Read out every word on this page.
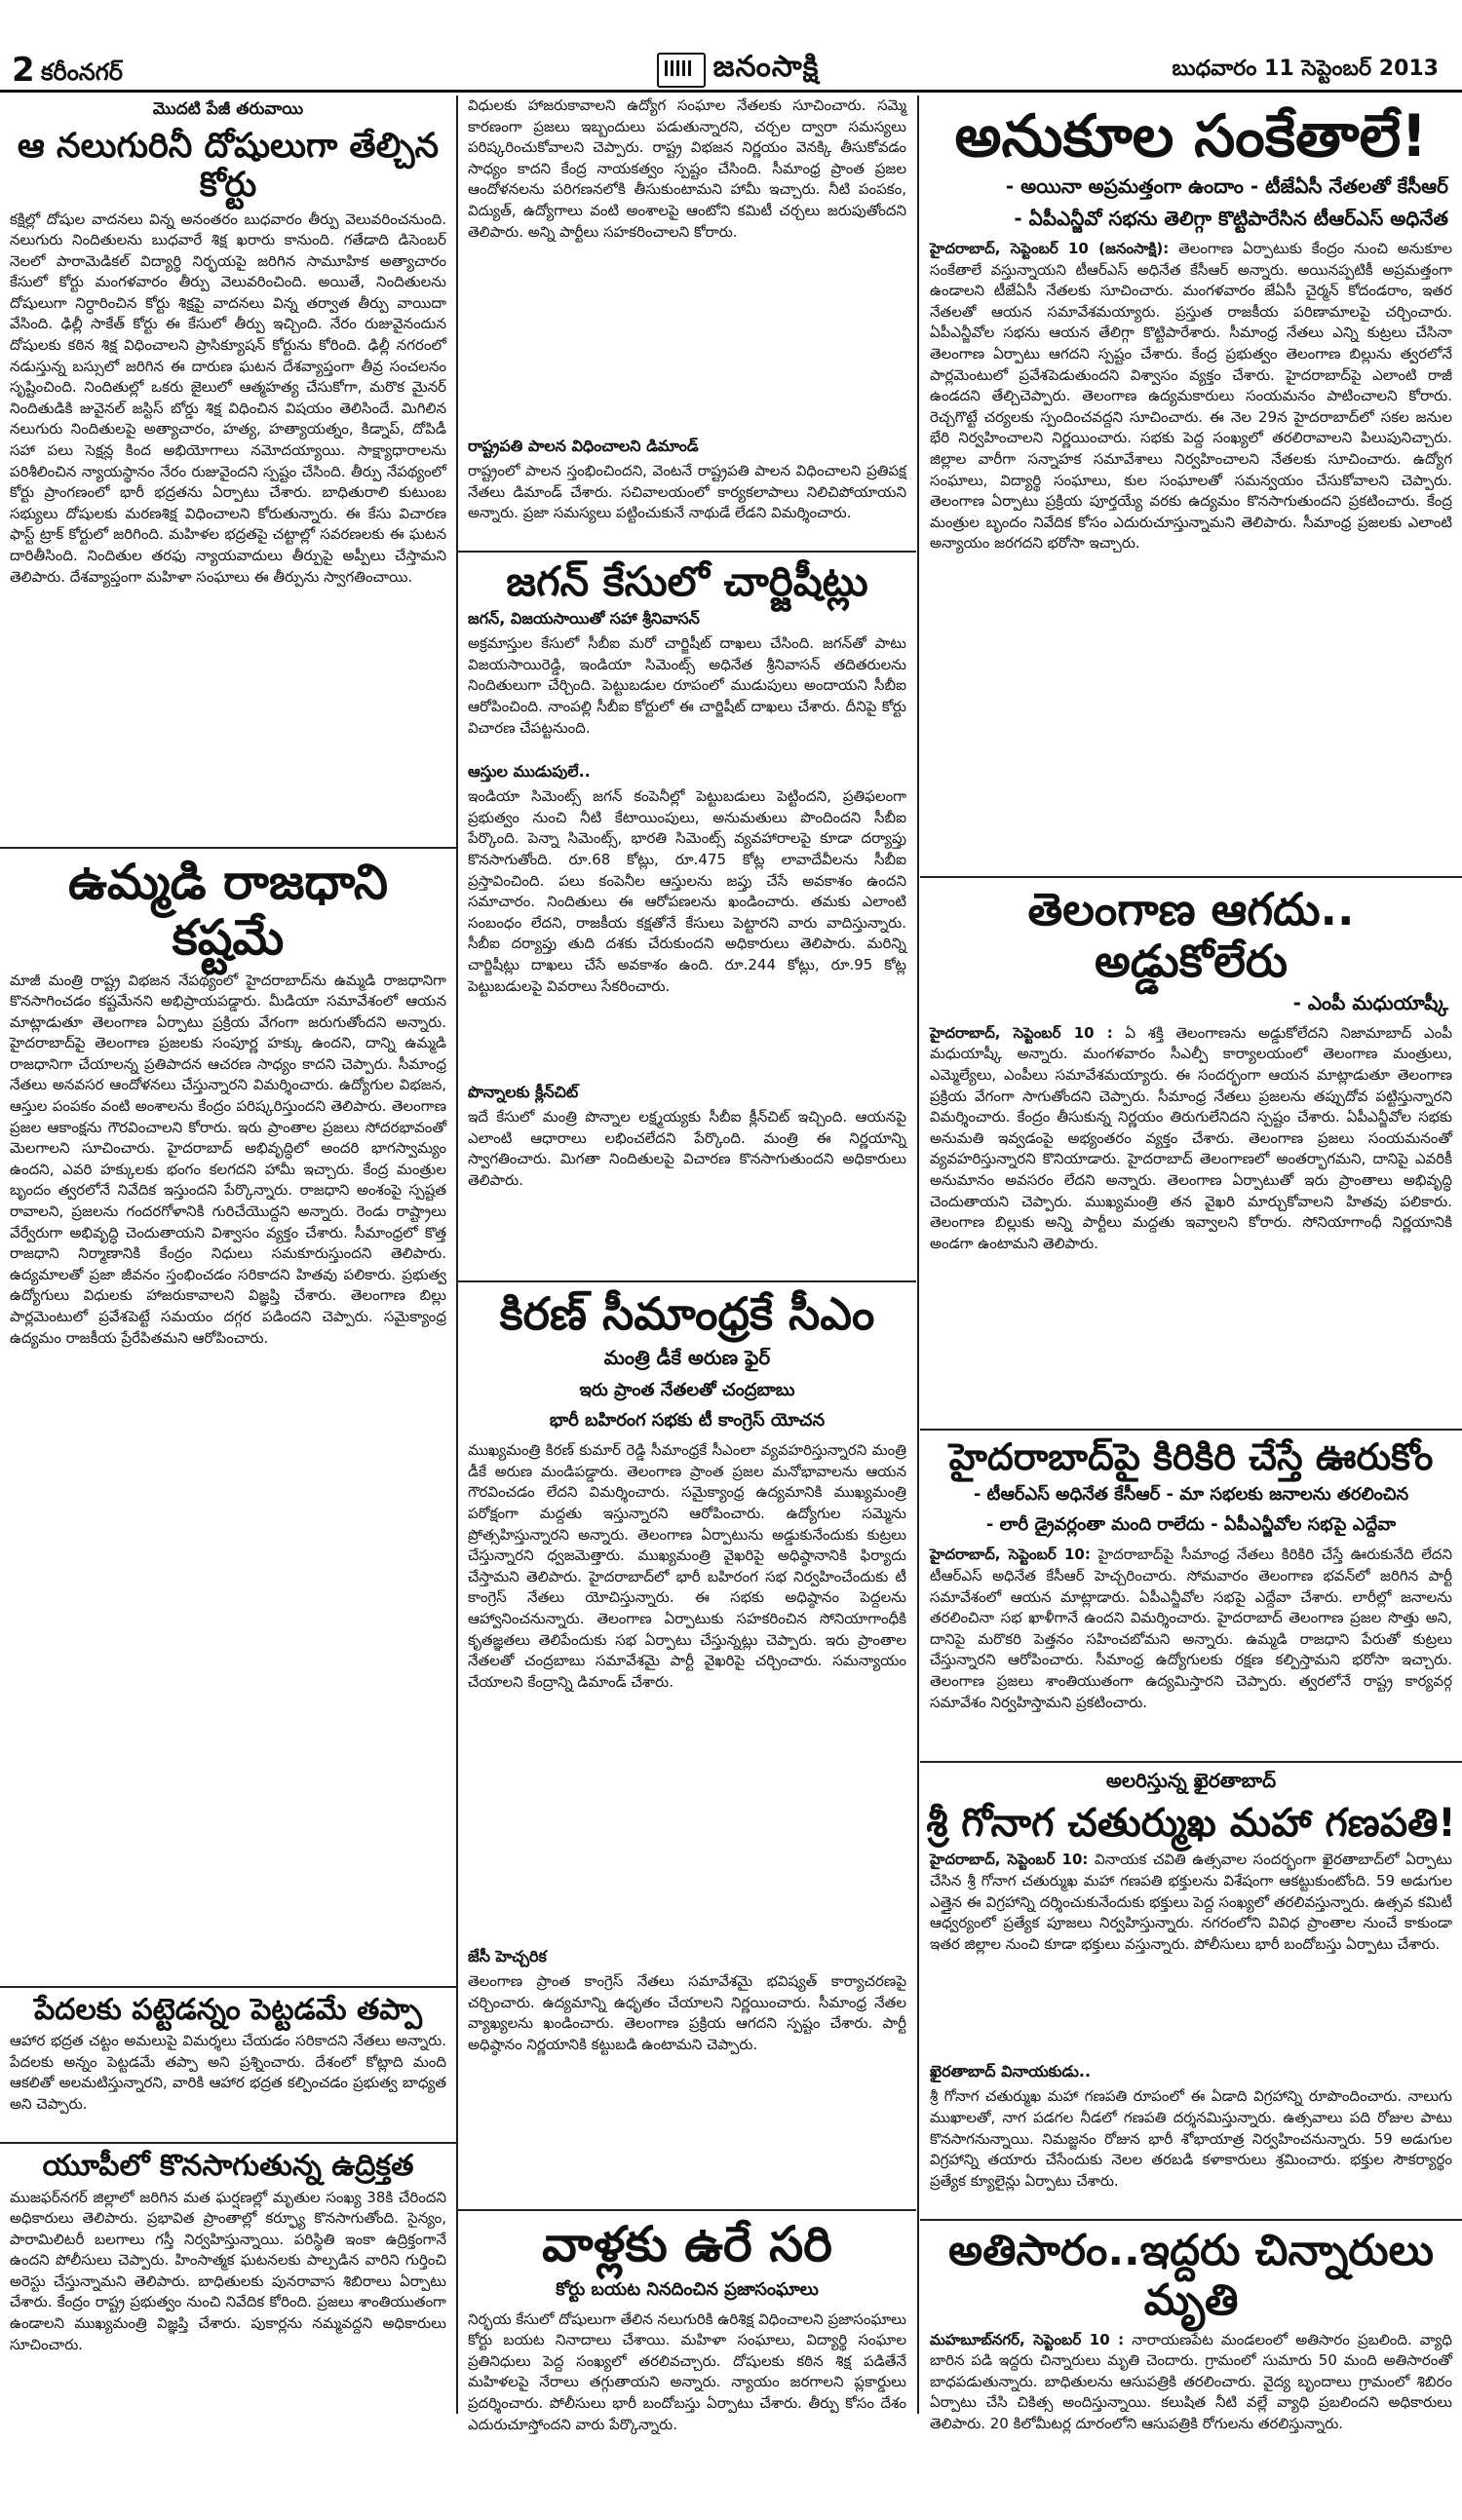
2 కరీంనగర్	జనంసాక్షి	బుధవారం 11 సెప్టెంబర్ 2013
మొదటి పేజీ తరువాయి
ఆ నలుగురినీ దోషులుగా తేల్చిన కోర్టు
కక్షిల్లో దోషుల వాదనలు విన్న అనంతరం బుధవారం తీర్పు వెలువరించనుంది. నలుగురు నిందితులను బుధవారే శిక్ష ఖరారు కానుంది. గతేడాది డిసెంబర్ నెలలో పారామెడికల్ విద్యార్థి నిర్భయపై జరిగిన సామూహిక అత్యాచారం కేసులో కోర్టు మంగళవారం తీర్పు వెలువరించింది. అయితే, నిందితులను దోషులుగా నిర్ధారించిన కోర్టు శిక్షపై వాదనలు విన్న తర్వాత తీర్పు వాయిదా వేసింది. ఢిల్లీ సాకేత్ కోర్టు ఈ కేసులో తీర్పు ఇచ్చింది. నేరం రుజువైనందున దోషులకు కఠిన శిక్ష విధించాలని ప్రాసిక్యూషన్ కోర్టును కోరింది. ఢిల్లీ నగరంలో నడుస్తున్న బస్సులో జరిగిన ఈ దారుణ ఘటన దేశవ్యాప్తంగా తీవ్ర సంచలనం సృష్టించింది. నిందితుల్లో ఒకరు జైలులో ఆత్మహత్య చేసుకోగా, మరొక మైనర్ నిందితుడికి జువైనల్ జస్టిస్ బోర్డు శిక్ష విధించిన విషయం తెలిసిందే. మిగిలిన నలుగురు నిందితులపై అత్యాచారం, హత్య, హత్యాయత్నం, కిడ్నాప్, దోపిడీ సహా పలు సెక్షన్ల కింద అభియోగాలు నమోదయ్యాయి. సాక్ష్యాధారాలను పరిశీలించిన న్యాయస్థానం నేరం రుజువైందని స్పష్టం చేసింది. తీర్పు నేపథ్యంలో కోర్టు ప్రాంగణంలో భారీ భద్రతను ఏర్పాటు చేశారు. బాధితురాలి కుటుంబ సభ్యులు దోషులకు మరణశిక్ష విధించాలని కోరుతున్నారు. ఈ కేసు విచారణ ఫాస్ట్ ట్రాక్ కోర్టులో జరిగింది. మహిళల భద్రతపై చట్టాల్లో సవరణలకు ఈ ఘటన దారితీసింది. నిందితుల తరఫు న్యాయవాదులు తీర్పుపై అప్పీలు చేస్తామని తెలిపారు. దేశవ్యాప్తంగా మహిళా సంఘాలు ఈ తీర్పును స్వాగతించాయి.
ఉమ్మడి రాజధాని కష్టమే
మాజీ మంత్రి రాష్ట్ర విభజన నేపథ్యంలో హైదరాబాద్‌ను ఉమ్మడి రాజధానిగా కొనసాగించడం కష్టమేనని అభిప్రాయపడ్డారు. మీడియా సమావేశంలో ఆయన మాట్లాడుతూ తెలంగాణ ఏర్పాటు ప్రక్రియ వేగంగా జరుగుతోందని అన్నారు. హైదరాబాద్‌పై తెలంగాణ ప్రజలకు సంపూర్ణ హక్కు ఉందని, దాన్ని ఉమ్మడి రాజధానిగా చేయాలన్న ప్రతిపాదన ఆచరణ సాధ్యం కాదని చెప్పారు. సీమాంధ్ర నేతలు అనవసర ఆందోళనలు చేస్తున్నారని విమర్శించారు. ఉద్యోగుల విభజన, ఆస్తుల పంపకం వంటి అంశాలను కేంద్రం పరిష్కరిస్తుందని తెలిపారు. తెలంగాణ ప్రజల ఆకాంక్షను గౌరవించాలని కోరారు. ఇరు ప్రాంతాల ప్రజలు సోదరభావంతో మెలగాలని సూచించారు. హైదరాబాద్ అభివృద్ధిలో అందరి భాగస్వామ్యం ఉందని, ఎవరి హక్కులకు భంగం కలగదని హామీ ఇచ్చారు. కేంద్ర మంత్రుల బృందం త్వరలోనే నివేదిక ఇస్తుందని పేర్కొన్నారు. రాజధాని అంశంపై స్పష్టత రావాలని, ప్రజలను గందరగోళానికి గురిచేయొద్దని అన్నారు. రెండు రాష్ట్రాలు వేర్వేరుగా అభివృద్ధి చెందుతాయని విశ్వాసం వ్యక్తం చేశారు. సీమాంధ్రలో కొత్త రాజధాని నిర్మాణానికి కేంద్రం నిధులు సమకూరుస్తుందని తెలిపారు. ఉద్యమాలతో ప్రజా జీవనం స్తంభించడం సరికాదని హితవు పలికారు. ప్రభుత్వ ఉద్యోగులు విధులకు హాజరుకావాలని విజ్ఞప్తి చేశారు. తెలంగాణ బిల్లు పార్లమెంటులో ప్రవేశపెట్టే సమయం దగ్గర పడిందని చెప్పారు. సమైక్యాంధ్ర ఉద్యమం రాజకీయ ప్రేరేపితమని ఆరోపించారు.
పేదలకు పట్టెడన్నం పెట్టడమే తప్పా
ఆహార భద్రత చట్టం అమలుపై విమర్శలు చేయడం సరికాదని నేతలు అన్నారు. పేదలకు అన్నం పెట్టడమే తప్పా అని ప్రశ్నించారు. దేశంలో కోట్లాది మంది ఆకలితో అలమటిస్తున్నారని, వారికి ఆహార భద్రత కల్పించడం ప్రభుత్వ బాధ్యత అని చెప్పారు.
యూపీలో కొనసాగుతున్న ఉద్రిక్తత
ముజఫర్‌నగర్ జిల్లాలో జరిగిన మత ఘర్షణల్లో మృతుల సంఖ్య 38కి చేరిందని అధికారులు తెలిపారు. ప్రభావిత ప్రాంతాల్లో కర్ఫ్యూ కొనసాగుతోంది. సైన్యం, పారామిలిటరీ బలగాలు గస్తీ నిర్వహిస్తున్నాయి. పరిస్థితి ఇంకా ఉద్రిక్తంగానే ఉందని పోలీసులు చెప్పారు. హింసాత్మక ఘటనలకు పాల్పడిన వారిని గుర్తించి అరెస్టు చేస్తున్నామని తెలిపారు. బాధితులకు పునరావాస శిబిరాలు ఏర్పాటు చేశారు. కేంద్రం రాష్ట్ర ప్రభుత్వం నుంచి నివేదిక కోరింది. ప్రజలు శాంతియుతంగా ఉండాలని ముఖ్యమంత్రి విజ్ఞప్తి చేశారు. పుకార్లను నమ్మవద్దని అధికారులు సూచించారు.
విధులకు హాజరుకావాలని ఉద్యోగ సంఘాల నేతలకు సూచించారు. సమ్మె కారణంగా ప్రజలు ఇబ్బందులు పడుతున్నారని, చర్చల ద్వారా సమస్యలు పరిష్కరించుకోవాలని చెప్పారు. రాష్ట్ర విభజన నిర్ణయం వెనక్కి తీసుకోవడం సాధ్యం కాదని కేంద్ర నాయకత్వం స్పష్టం చేసింది. సీమాంధ్ర ప్రాంత ప్రజల ఆందోళనలను పరిగణనలోకి తీసుకుంటామని హామీ ఇచ్చారు. నీటి పంపకం, విద్యుత్, ఉద్యోగాలు వంటి అంశాలపై ఆంటోని కమిటీ చర్చలు జరుపుతోందని తెలిపారు. అన్ని పార్టీలు సహకరించాలని కోరారు.
రాష్ట్రపతి పాలన విధించాలని డిమాండ్
రాష్ట్రంలో పాలన స్తంభించిందని, వెంటనే రాష్ట్రపతి పాలన విధించాలని ప్రతిపక్ష నేతలు డిమాండ్ చేశారు. సచివాలయంలో కార్యకలాపాలు నిలిచిపోయాయని అన్నారు. ప్రజా సమస్యలు పట్టించుకునే నాథుడే లేడని విమర్శించారు.
జగన్ కేసులో చార్జిషీట్లు
జగన్, విజయసాయితో సహా శ్రీనివాసన్
అక్రమాస్తుల కేసులో సీబీఐ మరో చార్జిషీట్ దాఖలు చేసింది. జగన్‌తో పాటు విజయసాయిరెడ్డి, ఇండియా సిమెంట్స్ అధినేత శ్రీనివాసన్ తదితరులను నిందితులుగా చేర్చింది. పెట్టుబడుల రూపంలో ముడుపులు అందాయని సీబీఐ ఆరోపించింది. నాంపల్లి సీబీఐ కోర్టులో ఈ చార్జిషీట్ దాఖలు చేశారు. దీనిపై కోర్టు విచారణ చేపట్టనుంది.
ఆస్తుల ముడుపులే..
ఇండియా సిమెంట్స్ జగన్ కంపెనీల్లో పెట్టుబడులు పెట్టిందని, ప్రతిఫలంగా ప్రభుత్వం నుంచి నీటి కేటాయింపులు, అనుమతులు పొందిందని సీబీఐ పేర్కొంది. పెన్నా సిమెంట్స్, భారతి సిమెంట్స్ వ్యవహారాలపై కూడా దర్యాప్తు కొనసాగుతోంది. రూ.68 కోట్లు, రూ.475 కోట్ల లావాదేవీలను సీబీఐ ప్రస్తావించింది. పలు కంపెనీల ఆస్తులను జప్తు చేసే అవకాశం ఉందని సమాచారం. నిందితులు ఈ ఆరోపణలను ఖండించారు. తమకు ఎలాంటి సంబంధం లేదని, రాజకీయ కక్షతోనే కేసులు పెట్టారని వారు వాదిస్తున్నారు. సీబీఐ దర్యాప్తు తుది దశకు చేరుకుందని అధికారులు తెలిపారు. మరిన్ని చార్జిషీట్లు దాఖలు చేసే అవకాశం ఉంది. రూ.244 కోట్లు, రూ.95 కోట్ల పెట్టుబడులపై వివరాలు సేకరించారు.
పొన్నాలకు క్లీన్‌చిట్
ఇదే కేసులో మంత్రి పొన్నాల లక్ష్మయ్యకు సీబీఐ క్లీన్‌చిట్ ఇచ్చింది. ఆయనపై ఎలాంటి ఆధారాలు లభించలేదని పేర్కొంది. మంత్రి ఈ నిర్ణయాన్ని స్వాగతించారు. మిగతా నిందితులపై విచారణ కొనసాగుతుందని అధికారులు తెలిపారు.
కిరణ్ సీమాంధ్రకే సీఎం
మంత్రి డీకే అరుణ ఫైర్
ఇరు ప్రాంత నేతలతో చంద్రబాబు
భారీ బహిరంగ సభకు టీ కాంగ్రెస్ యోచన
ముఖ్యమంత్రి కిరణ్ కుమార్ రెడ్డి సీమాంధ్రకే సీఎంలా వ్యవహరిస్తున్నారని మంత్రి డీకే అరుణ మండిపడ్డారు. తెలంగాణ ప్రాంత ప్రజల మనోభావాలను ఆయన గౌరవించడం లేదని విమర్శించారు. సమైక్యాంధ్ర ఉద్యమానికి ముఖ్యమంత్రి పరోక్షంగా మద్దతు ఇస్తున్నారని ఆరోపించారు. ఉద్యోగుల సమ్మెను ప్రోత్సహిస్తున్నారని అన్నారు. తెలంగాణ ఏర్పాటును అడ్డుకునేందుకు కుట్రలు చేస్తున్నారని ధ్వజమెత్తారు. ముఖ్యమంత్రి వైఖరిపై అధిష్ఠానానికి ఫిర్యాదు చేస్తామని తెలిపారు. హైదరాబాద్‌లో భారీ బహిరంగ సభ నిర్వహించేందుకు టీ కాంగ్రెస్ నేతలు యోచిస్తున్నారు. ఈ సభకు అధిష్ఠానం పెద్దలను ఆహ్వానించనున్నారు. తెలంగాణ ఏర్పాటుకు సహకరించిన సోనియాగాంధీకి కృతజ్ఞతలు తెలిపేందుకు సభ ఏర్పాటు చేస్తున్నట్లు చెప్పారు. ఇరు ప్రాంతాల నేతలతో చంద్రబాబు సమావేశమై పార్టీ వైఖరిపై చర్చించారు. సమన్యాయం చేయాలని కేంద్రాన్ని డిమాండ్ చేశారు.
జేసీ హెచ్చరిక
తెలంగాణ ప్రాంత కాంగ్రెస్ నేతలు సమావేశమై భవిష్యత్ కార్యాచరణపై చర్చించారు. ఉద్యమాన్ని ఉధృతం చేయాలని నిర్ణయించారు. సీమాంధ్ర నేతల వ్యాఖ్యలను ఖండించారు. తెలంగాణ ప్రక్రియ ఆగదని స్పష్టం చేశారు. పార్టీ అధిష్ఠానం నిర్ణయానికి కట్టుబడి ఉంటామని చెప్పారు.
వాళ్లకు ఉరే సరి
కోర్టు బయట నినదించిన ప్రజాసంఘాలు
నిర్భయ కేసులో దోషులుగా తేలిన నలుగురికి ఉరిశిక్ష విధించాలని ప్రజాసంఘాలు కోర్టు బయట నినాదాలు చేశాయి. మహిళా సంఘాలు, విద్యార్థి సంఘాల ప్రతినిధులు పెద్ద సంఖ్యలో తరలివచ్చారు. దోషులకు కఠిన శిక్ష పడితేనే మహిళలపై నేరాలు తగ్గుతాయని అన్నారు. న్యాయం జరగాలని ప్లకార్డులు ప్రదర్శించారు. పోలీసులు భారీ బందోబస్తు ఏర్పాటు చేశారు. తీర్పు కోసం దేశం ఎదురుచూస్తోందని వారు పేర్కొన్నారు.
అనుకూల సంకేతాలే!
- అయినా అప్రమత్తంగా ఉందాం - టీజేఏసీ నేతలతో కేసీఆర్
- ఏపీఎన్జీవో సభను తెలిగ్గా కొట్టిపారేసిన టీఆర్‌ఎస్ అధినేత
హైదరాబాద్, సెప్టెంబర్ 10 (జనంసాక్షి): తెలంగాణ ఏర్పాటుకు కేంద్రం నుంచి అనుకూల సంకేతాలే వస్తున్నాయని టీఆర్‌ఎస్ అధినేత కేసీఆర్ అన్నారు. అయినప్పటికీ అప్రమత్తంగా ఉండాలని టీజేఏసీ నేతలకు సూచించారు. మంగళవారం జేఏసీ చైర్మన్ కోదండరాం, ఇతర నేతలతో ఆయన సమావేశమయ్యారు. ప్రస్తుత రాజకీయ పరిణామాలపై చర్చించారు. ఏపీఎన్జీవోల సభను ఆయన తేలిగ్గా కొట్టిపారేశారు. సీమాంధ్ర నేతలు ఎన్ని కుట్రలు చేసినా తెలంగాణ ఏర్పాటు ఆగదని స్పష్టం చేశారు. కేంద్ర ప్రభుత్వం తెలంగాణ బిల్లును త్వరలోనే పార్లమెంటులో ప్రవేశపెడుతుందని విశ్వాసం వ్యక్తం చేశారు. హైదరాబాద్‌పై ఎలాంటి రాజీ ఉండదని తేల్చిచెప్పారు. తెలంగాణ ఉద్యమకారులు సంయమనం పాటించాలని కోరారు. రెచ్చగొట్టే చర్యలకు స్పందించవద్దని సూచించారు. ఈ నెల 29న హైదరాబాద్‌లో సకల జనుల భేరి నిర్వహించాలని నిర్ణయించారు. సభకు పెద్ద సంఖ్యలో తరలిరావాలని పిలుపునిచ్చారు. జిల్లాల వారీగా సన్నాహక సమావేశాలు నిర్వహించాలని నేతలకు సూచించారు. ఉద్యోగ సంఘాలు, విద్యార్థి సంఘాలు, కుల సంఘాలతో సమన్వయం చేసుకోవాలని చెప్పారు. తెలంగాణ ఏర్పాటు ప్రక్రియ పూర్తయ్యే వరకు ఉద్యమం కొనసాగుతుందని ప్రకటించారు. కేంద్ర మంత్రుల బృందం నివేదిక కోసం ఎదురుచూస్తున్నామని తెలిపారు. సీమాంధ్ర ప్రజలకు ఎలాంటి అన్యాయం జరగదని భరోసా ఇచ్చారు.
తెలంగాణ ఆగదు.. అడ్డుకోలేరు
- ఎంపీ మధుయాష్కీ
హైదరాబాద్, సెప్టెంబర్ 10 : ఏ శక్తి తెలంగాణను అడ్డుకోలేదని నిజామాబాద్ ఎంపీ మధుయాష్కీ అన్నారు. మంగళవారం సీఎల్పీ కార్యాలయంలో తెలంగాణ మంత్రులు, ఎమ్మెల్యేలు, ఎంపీలు సమావేశమయ్యారు. ఈ సందర్భంగా ఆయన మాట్లాడుతూ తెలంగాణ ప్రక్రియ వేగంగా సాగుతోందని చెప్పారు. సీమాంధ్ర నేతలు ప్రజలను తప్పుదోవ పట్టిస్తున్నారని విమర్శించారు. కేంద్రం తీసుకున్న నిర్ణయం తిరుగులేనిదని స్పష్టం చేశారు. ఏపీఎన్జీవోల సభకు అనుమతి ఇవ్వడంపై అభ్యంతరం వ్యక్తం చేశారు. తెలంగాణ ప్రజలు సంయమనంతో వ్యవహరిస్తున్నారని కొనియాడారు. హైదరాబాద్ తెలంగాణలో అంతర్భాగమని, దానిపై ఎవరికీ అనుమానం అవసరం లేదని అన్నారు. తెలంగాణ ఏర్పాటుతో ఇరు ప్రాంతాలు అభివృద్ధి చెందుతాయని చెప్పారు. ముఖ్యమంత్రి తన వైఖరి మార్చుకోవాలని హితవు పలికారు. తెలంగాణ బిల్లుకు అన్ని పార్టీలు మద్దతు ఇవ్వాలని కోరారు. సోనియాగాంధీ నిర్ణయానికి అండగా ఉంటామని తెలిపారు.
హైదరాబాద్‌పై కిరికిరి చేస్తే ఊరుకోం
- టీఆర్‌ఎస్ అధినేత కేసీఆర్ - మా సభలకు జనాలను తరలించిన
- లారీ డ్రైవర్లంతా మంది రాలేదు - ఏపీఎన్జీవోల సభపై ఎద్దేవా
హైదరాబాద్, సెప్టెంబర్ 10: హైదరాబాద్‌పై సీమాంధ్ర నేతలు కిరికిరి చేస్తే ఊరుకునేది లేదని టీఆర్‌ఎస్ అధినేత కేసీఆర్ హెచ్చరించారు. సోమవారం తెలంగాణ భవన్‌లో జరిగిన పార్టీ సమావేశంలో ఆయన మాట్లాడారు. ఏపీఎన్జీవోల సభపై ఎద్దేవా చేశారు. లారీల్లో జనాలను తరలించినా సభ ఖాళీగానే ఉందని విమర్శించారు. హైదరాబాద్ తెలంగాణ ప్రజల సొత్తు అని, దానిపై మరొకరి పెత్తనం సహించబోమని అన్నారు. ఉమ్మడి రాజధాని పేరుతో కుట్రలు చేస్తున్నారని ఆరోపించారు. సీమాంధ్ర ఉద్యోగులకు రక్షణ కల్పిస్తామని భరోసా ఇచ్చారు. తెలంగాణ ప్రజలు శాంతియుతంగా ఉద్యమిస్తారని చెప్పారు. త్వరలోనే రాష్ట్ర కార్యవర్గ సమావేశం నిర్వహిస్తామని ప్రకటించారు.
అలరిస్తున్న ఖైరతాబాద్
శ్రీ గోనాగ చతుర్ముఖ మహా గణపతి!
హైదరాబాద్, సెప్టెంబర్ 10: వినాయక చవితి ఉత్సవాల సందర్భంగా ఖైరతాబాద్‌లో ఏర్పాటు చేసిన శ్రీ గోనాగ చతుర్ముఖ మహా గణపతి భక్తులను విశేషంగా ఆకట్టుకుంటోంది. 59 అడుగుల ఎత్తైన ఈ విగ్రహాన్ని దర్శించుకునేందుకు భక్తులు పెద్ద సంఖ్యలో తరలివస్తున్నారు. ఉత్సవ కమిటీ ఆధ్వర్యంలో ప్రత్యేక పూజలు నిర్వహిస్తున్నారు. నగరంలోని వివిధ ప్రాంతాల నుంచే కాకుండా ఇతర జిల్లాల నుంచి కూడా భక్తులు వస్తున్నారు. పోలీసులు భారీ బందోబస్తు ఏర్పాటు చేశారు.
ఖైరతాబాద్ వినాయకుడు..
శ్రీ గోనాగ చతుర్ముఖ మహా గణపతి రూపంలో ఈ ఏడాది విగ్రహాన్ని రూపొందించారు. నాలుగు ముఖాలతో, నాగ పడగల నీడలో గణపతి దర్శనమిస్తున్నారు. ఉత్సవాలు పది రోజుల పాటు కొనసాగనున్నాయి. నిమజ్జనం రోజున భారీ శోభాయాత్ర నిర్వహించనున్నారు. 59 అడుగుల విగ్రహాన్ని తయారు చేసేందుకు నెలల తరబడి కళాకారులు శ్రమించారు. భక్తుల సౌకర్యార్థం ప్రత్యేక క్యూలైన్లు ఏర్పాటు చేశారు.
అతిసారం..ఇద్దరు చిన్నారులు మృతి
మహబూబ్‌నగర్, సెప్టెంబర్ 10 : నారాయణపేట మండలంలో అతిసారం ప్రబలింది. వ్యాధి బారిన పడి ఇద్దరు చిన్నారులు మృతి చెందారు. గ్రామంలో సుమారు 50 మంది అతిసారంతో బాధపడుతున్నారు. బాధితులను ఆసుపత్రికి తరలించారు. వైద్య బృందాలు గ్రామంలో శిబిరం ఏర్పాటు చేసి చికిత్స అందిస్తున్నాయి. కలుషిత నీటి వల్లే వ్యాధి ప్రబలిందని అధికారులు తెలిపారు. 20 కిలోమీటర్ల దూరంలోని ఆసుపత్రికి రోగులను తరలిస్తున్నారు.
